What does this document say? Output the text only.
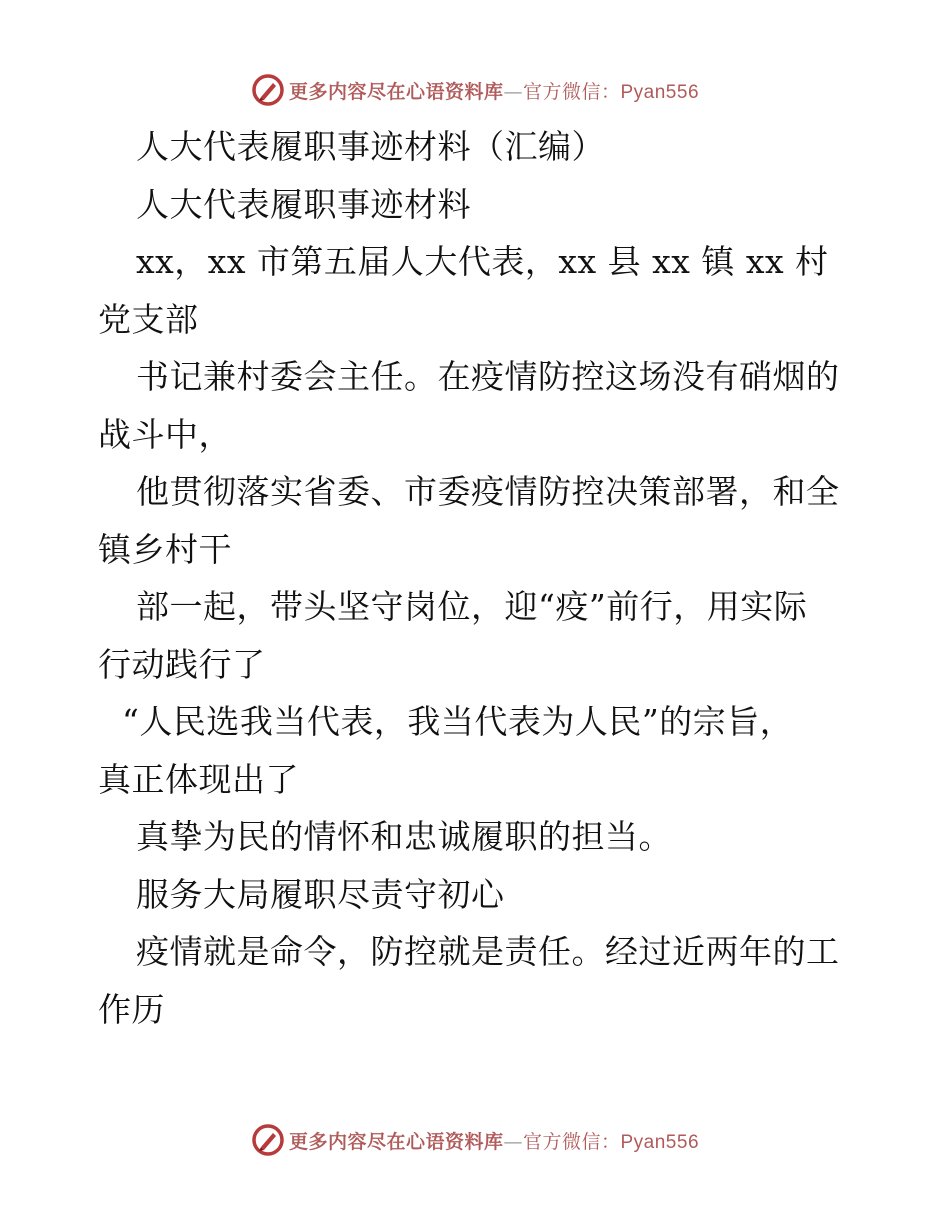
更多内容尽在心语资料库—官方微信：Pyan556
人大代表履职事迹材料（汇编）
人大代表履职事迹材料
xx，xx 市第五届人大代表，xx 县 xx 镇 xx 村
党支部
书记兼村委会主任。在疫情防控这场没有硝烟的
战斗中，
他贯彻落实省委、市委疫情防控决策部署，和全
镇乡村干
部一起，带头坚守岗位，迎“疫”前行，用实际
行动践行了
“人民选我当代表，我当代表为人民”的宗旨，
真正体现出了
真挚为民的情怀和忠诚履职的担当。
服务大局履职尽责守初心
疫情就是命令，防控就是责任。经过近两年的工
作历
更多内容尽在心语资料库—官方微信：Pyan556
